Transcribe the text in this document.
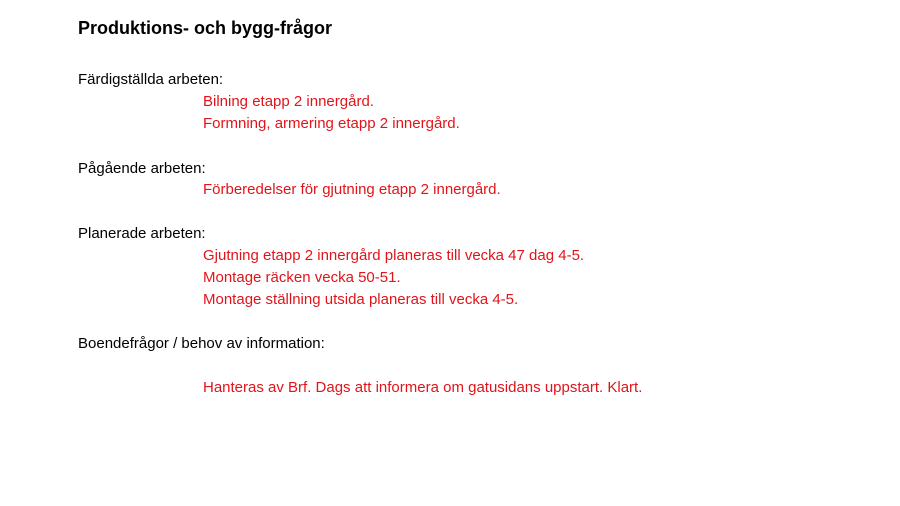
Produktions- och bygg-frågor

Färdigställda arbeten:

Bilning etapp 2 innergård.

Formning, armering etapp 2 innergård.

Pågående arbeten:

Förberedelser för gjutning etapp 2 innergård.

Planerade arbeten:

Gjutning etapp 2 innergård planeras till vecka 47 dag 4-5.

Montage räcken vecka 50-51.

Montage ställning utsida planeras till vecka 4-5.

Boendefrågor / behov av information:

Hanteras av Brf. Dags att informera om gatusidans uppstart. Klart.
